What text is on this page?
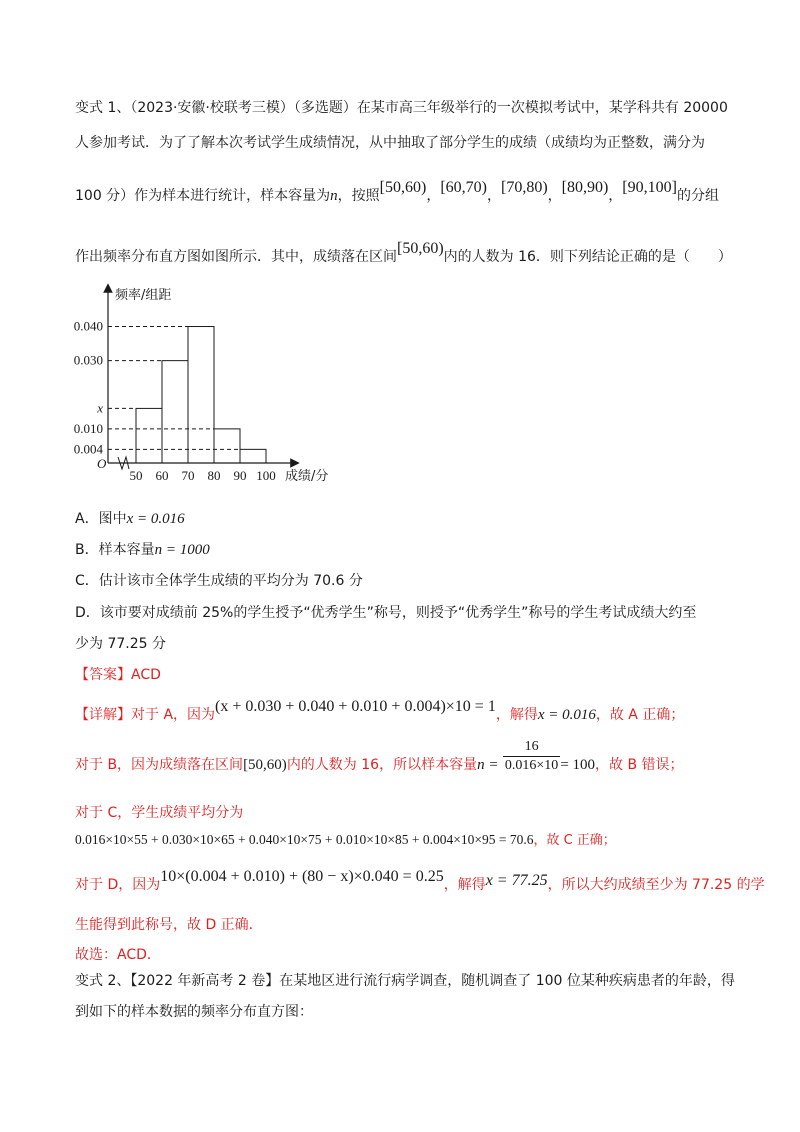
变式 1、（2023·安徽·校联考三模）（多选题）在某市高三年级举行的一次模拟考试中，某学科共有 20000
人参加考试．为了了解本次考试学生成绩情况，从中抽取了部分学生的成绩（成绩均为正整数，满分为
100 分）作为样本进行统计，样本容量为n，按照[50,60)，[60,70)，[70,80)，[80,90)，[90,100]的分组
作出频率分布直方图如图所示．其中，成绩落在区间[50,60)内的人数为 16．则下列结论正确的是（　　）
0.040
0.030
x
0.010
0.004
50 60 70 80 90 100
频率/组距
成绩/分
O
A．图中x = 0.016
B．样本容量n = 1000
C．估计该市全体学生成绩的平均分为 70.6 分
D．该市要对成绩前 25%的学生授予“优秀学生”称号，则授予“优秀学生”称号的学生考试成绩大约至
少为 77.25 分
【答案】ACD
【详解】对于 A，因为(x + 0.030 + 0.040 + 0.010 + 0.004)×10 = 1，解得x = 0.016，故 A 正确；
对于 B，因为成绩落在区间[50,60)内的人数为 16，所以样本容量$n = \frac{16}{0.016\times 10} = 100$，故 B 错误；
对于 C，学生成绩平均分为
0.016×10×55 + 0.030×10×65 + 0.040×10×75 + 0.010×10×85 + 0.004×10×95 = 70.6，故 C 正确；
对于 D，因为10×(0.004 + 0.010) + (80 − x)×0.040 = 0.25，解得x = 77.25，所以大约成绩至少为 77.25 的学
生能得到此称号，故 D 正确．
故选：ACD．
变式 2、【2022 年新高考 2 卷】在某地区进行流行病学调查，随机调查了 100 位某种疾病患者的年龄，得
到如下的样本数据的频率分布直方图：
